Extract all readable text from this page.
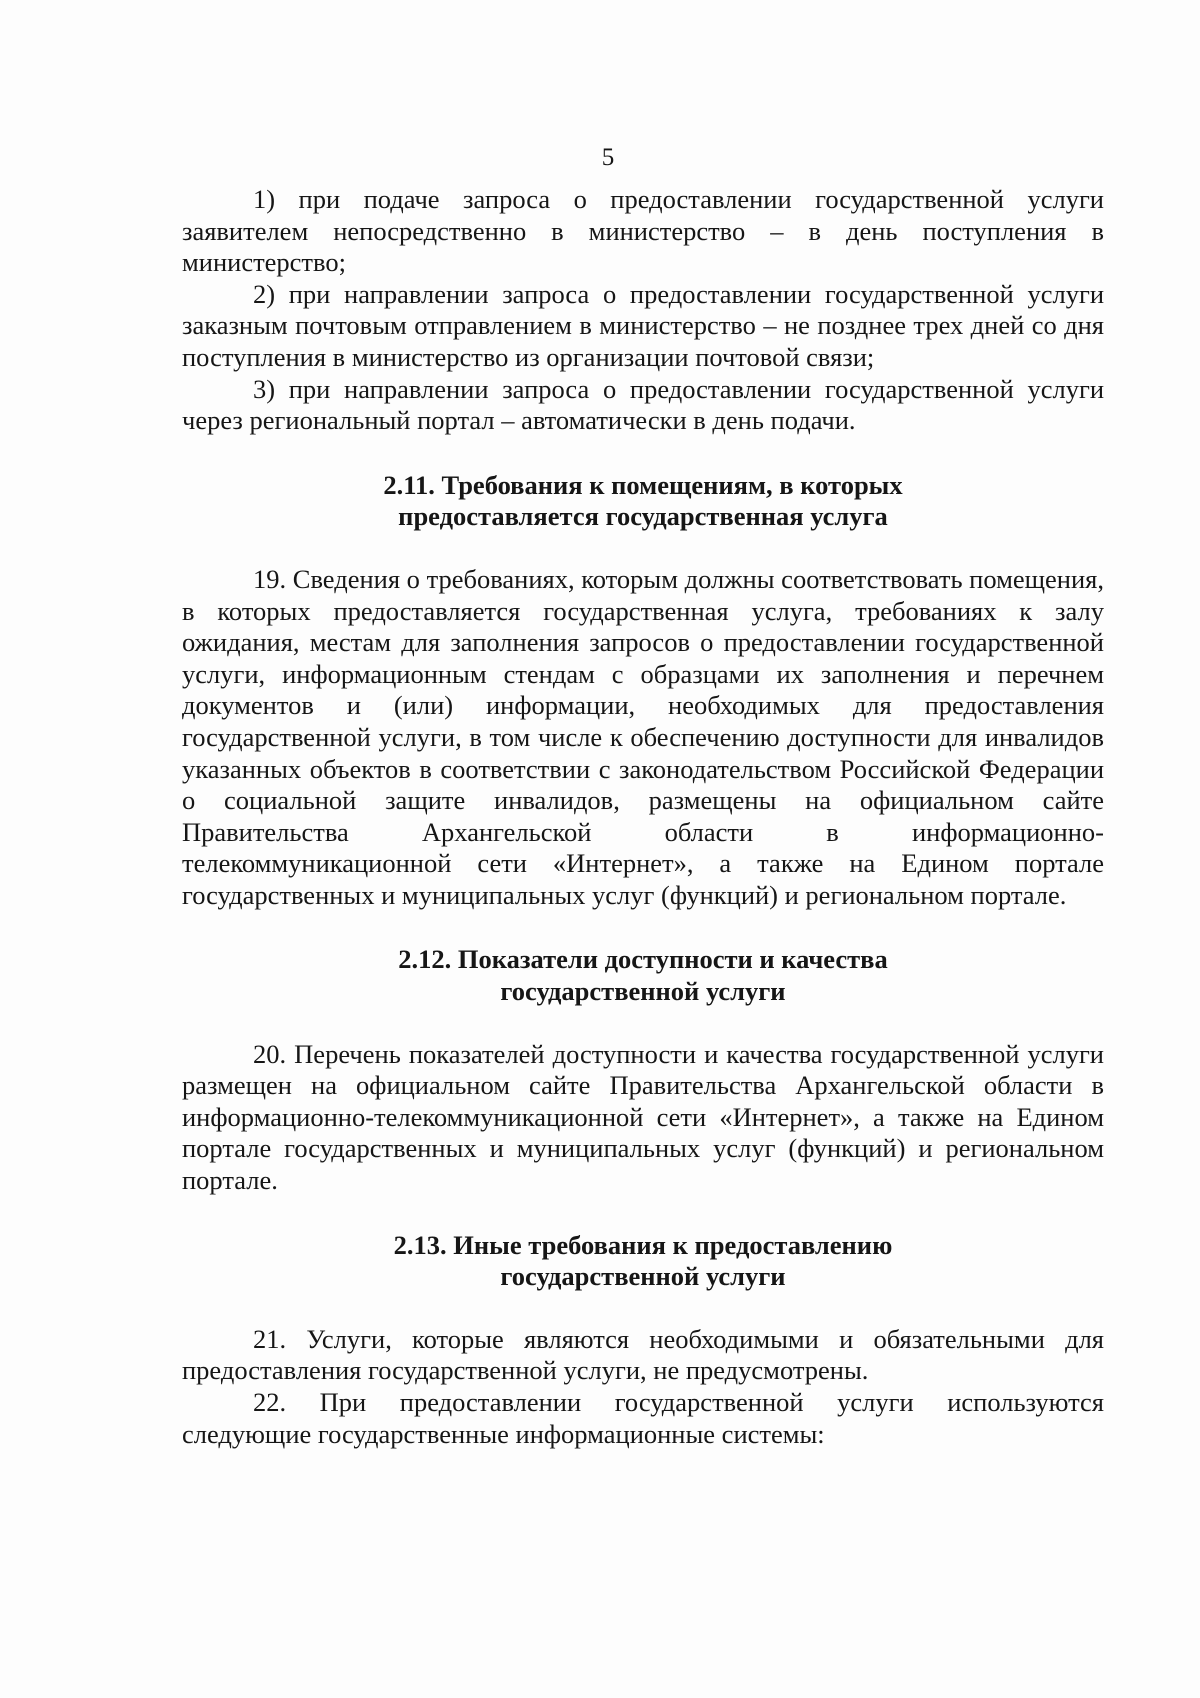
5

1) при подаче запроса о предоставлении государственной услуги заявителем непосредственно в министерство – в день поступления в министерство;

2) при направлении запроса о предоставлении государственной услуги заказным почтовым отправлением в министерство – не позднее трех дней со дня поступления в министерство из организации почтовой связи;

3) при направлении запроса о предоставлении государственной услуги через региональный портал – автоматически в день подачи.

2.11. Требования к помещениям, в которых
предоставляется государственная услуга

19. Сведения о требованиях, которым должны соответствовать помещения, в которых предоставляется государственная услуга, требованиях к залу ожидания, местам для заполнения запросов о предоставлении государственной услуги, информационным стендам с образцами их заполнения и перечнем документов и (или) информации, необходимых для предоставления государственной услуги, в том числе к обеспечению доступности для инвалидов указанных объектов в соответствии с законодательством Российской Федерации о социальной защите инвалидов, размещены на официальном сайте Правительства Архангельской области в информационно-телекоммуникационной сети «Интернет», а также на Едином портале государственных и муниципальных услуг (функций) и региональном портале.

2.12. Показатели доступности и качества
государственной услуги

20. Перечень показателей доступности и качества государственной услуги размещен на официальном сайте Правительства Архангельской области в информационно-телекоммуникационной сети «Интернет», а также на Едином портале государственных и муниципальных услуг (функций) и региональном портале.

2.13. Иные требования к предоставлению
государственной услуги

21. Услуги, которые являются необходимыми и обязательными для предоставления государственной услуги, не предусмотрены.

22. При предоставлении государственной услуги используются следующие государственные информационные системы:
